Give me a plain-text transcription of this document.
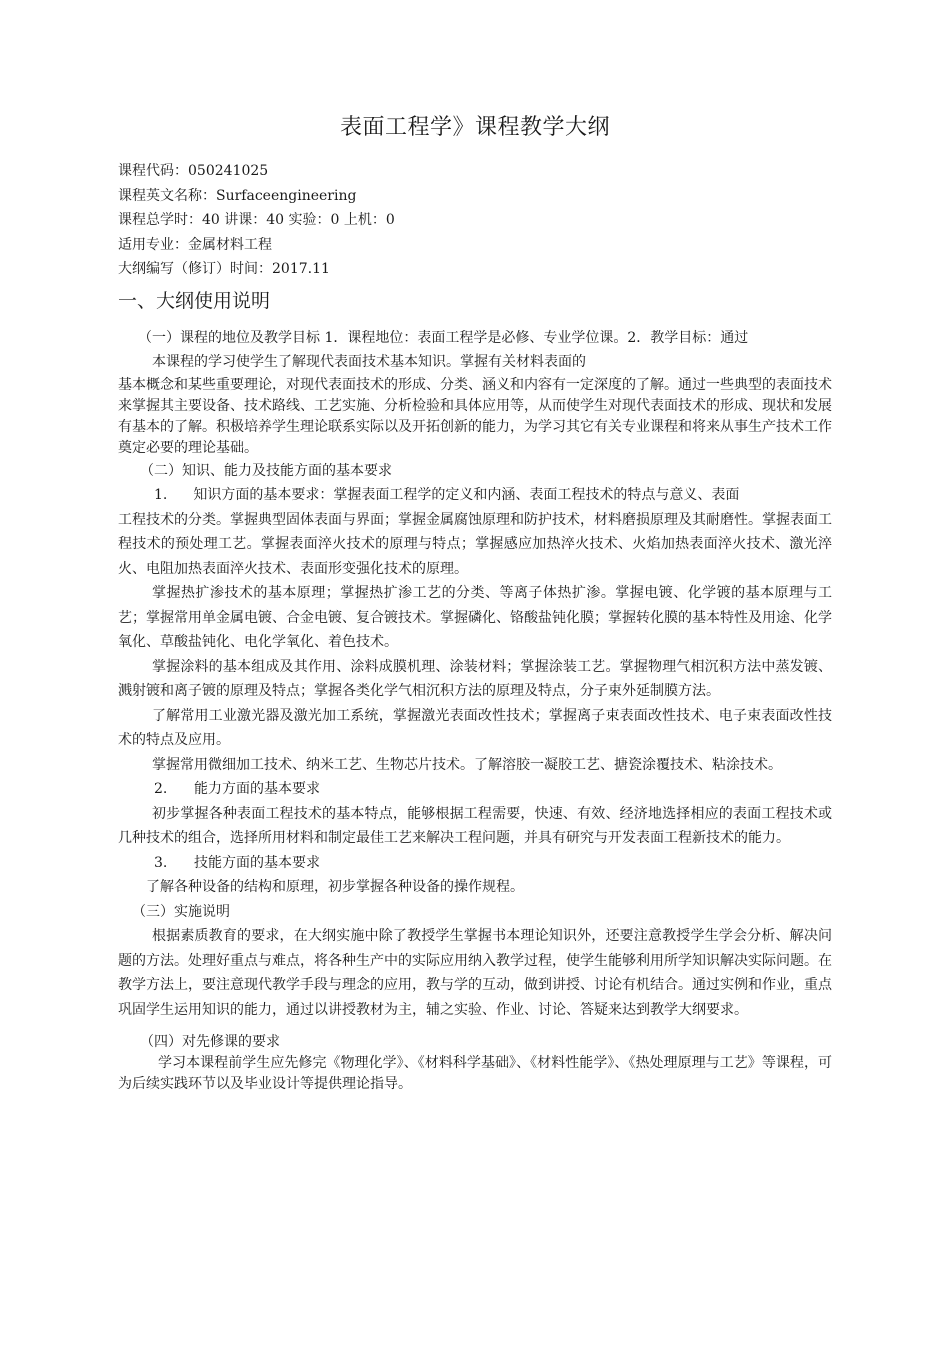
表面工程学》课程教学大纲
课程代码：050241025
课程英文名称：Surfaceengineering
课程总学时：40 讲课：40 实验：0 上机：0
适用专业：金属材料工程
大纲编写（修订）时间：2017.11
一、大纲使用说明
（一）课程的地位及教学目标 1．课程地位：表面工程学是必修、专业学位课。2．教学目标：通过
本课程的学习使学生了解现代表面技术基本知识。掌握有关材料表面的

基本概念和某些重要理论，对现代表面技术的形成、分类、涵义和内容有一定深度的了解。通过一些典型的表面技术来掌握其主要设备、技术路线、工艺实施、分析检验和具体应用等，从而使学生对现代表面技术的形成、现状和发展有基本的了解。积极培养学生理论联系实际以及开拓创新的能力，为学习其它有关专业课程和将来从事生产技术工作奠定必要的理论基础。

（二）知识、能力及技能方面的基本要求
1. 知识方面的基本要求：掌握表面工程学的定义和内涵、表面工程技术的特点与意义、表面

工程技术的分类。掌握典型固体表面与界面；掌握金属腐蚀原理和防护技术，材料磨损原理及其耐磨性。掌握表面工程技术的预处理工艺。掌握表面淬火技术的原理与特点；掌握感应加热淬火技术、火焰加热表面淬火技术、激光淬火、电阻加热表面淬火技术、表面形变强化技术的原理。

掌握热扩渗技术的基本原理；掌握热扩渗工艺的分类、等离子体热扩渗。掌握电镀、化学镀的基本原理与工艺；掌握常用单金属电镀、合金电镀、复合镀技术。掌握磷化、铬酸盐钝化膜；掌握转化膜的基本特性及用途、化学氧化、草酸盐钝化、电化学氧化、着色技术。

掌握涂料的基本组成及其作用、涂料成膜机理、涂装材料；掌握涂装工艺。掌握物理气相沉积方法中蒸发镀、溅射镀和离子镀的原理及特点；掌握各类化学气相沉积方法的原理及特点，分子束外延制膜方法。

了解常用工业激光器及激光加工系统，掌握激光表面改性技术；掌握离子束表面改性技术、电子束表面改性技术的特点及应用。

掌握常用微细加工技术、纳米工艺、生物芯片技术。了解溶胶一凝胶工艺、搪瓷涂覆技术、粘涂技术。

2.	能力方面的基本要求

初步掌握各种表面工程技术的基本特点，能够根据工程需要，快速、有效、经济地选择相应的表面工程技术或几种技术的组合，选择所用材料和制定最佳工艺来解决工程问题，并具有研究与开发表面工程新技术的能力。

3.	技能方面的基本要求

了解各种设备的结构和原理，初步掌握各种设备的操作规程。

（三）实施说明

根据素质教育的要求，在大纲实施中除了教授学生掌握书本理论知识外，还要注意教授学生学会分析、解决问题的方法。处理好重点与难点，将各种生产中的实际应用纳入教学过程，使学生能够利用所学知识解决实际问题。在教学方法上，要注意现代教学手段与理念的应用，教与学的互动，做到讲授、讨论有机结合。通过实例和作业，重点巩固学生运用知识的能力，通过以讲授教材为主，辅之实验、作业、讨论、答疑来达到教学大纲要求。

（四）对先修课的要求

学习本课程前学生应先修完《物理化学》、《材料科学基础》、《材料性能学》、《热处理原理与工艺》等课程，可为后续实践环节以及毕业设计等提供理论指导。
